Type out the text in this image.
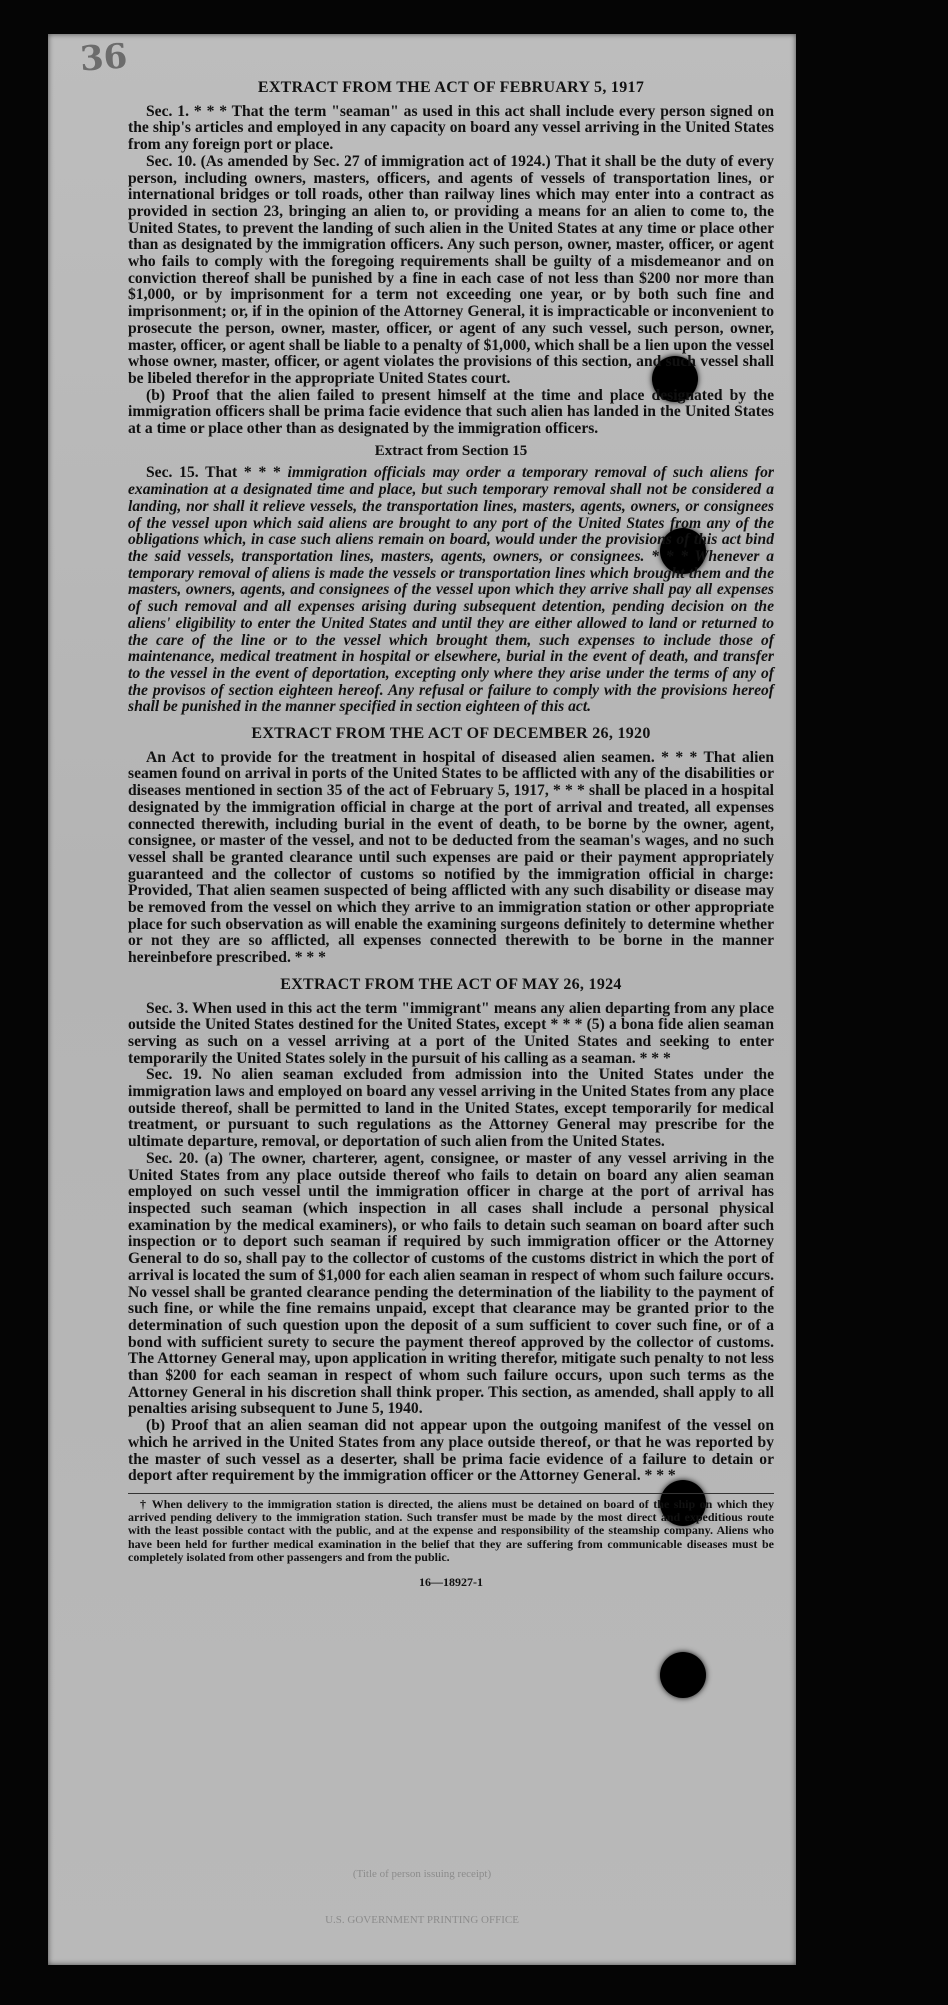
36
EXTRACT FROM THE ACT OF FEBRUARY 5, 1917

Sec. 1. * * * That the term "seaman" as used in this act shall include every person signed on the ship's articles and employed in any capacity on board any vessel arriving in the United States from any foreign port or place.

Sec. 10. (As amended by Sec. 27 of immigration act of 1924.) That it shall be the duty of every person, including owners, masters, officers, and agents of vessels of transportation lines, or international bridges or toll roads, other than railway lines which may enter into a contract as provided in section 23, bringing an alien to, or providing a means for an alien to come to, the United States, to prevent the landing of such alien in the United States at any time or place other than as designated by the immigration officers. Any such person, owner, master, officer, or agent who fails to comply with the foregoing requirements shall be guilty of a misdemeanor and on conviction thereof shall be punished by a fine in each case of not less than $200 nor more than $1,000, or by imprisonment for a term not exceeding one year, or by both such fine and imprisonment; or, if in the opinion of the Attorney General, it is impracticable or inconvenient to prosecute the person, owner, master, officer, or agent of any such vessel, such person, owner, master, officer, or agent shall be liable to a penalty of $1,000, which shall be a lien upon the vessel whose owner, master, officer, or agent violates the provisions of this section, and such vessel shall be libeled therefor in the appropriate United States court.

(b) Proof that the alien failed to present himself at the time and place designated by the immigration officers shall be prima facie evidence that such alien has landed in the United States at a time or place other than as designated by the immigration officers.

Extract from Section 15

Sec. 15. That * * * immigration officials may order a temporary removal of such aliens for examination at a designated time and place, but such temporary removal shall not be considered a landing, nor shall it relieve vessels, the transportation lines, masters, agents, owners, or consignees of the vessel upon which said aliens are brought to any port of the United States from any of the obligations which, in case such aliens remain on board, would under the provisions of this act bind the said vessels, transportation lines, masters, agents, owners, or consignees. * * * Whenever a temporary removal of aliens is made the vessels or transportation lines which brought them and the masters, owners, agents, and consignees of the vessel upon which they arrive shall pay all expenses of such removal and all expenses arising during subsequent detention, pending decision on the aliens' eligibility to enter the United States and until they are either allowed to land or returned to the care of the line or to the vessel which brought them, such expenses to include those of maintenance, medical treatment in hospital or elsewhere, burial in the event of death, and transfer to the vessel in the event of deportation, excepting only where they arise under the terms of any of the provisos of section eighteen hereof. Any refusal or failure to comply with the provisions hereof shall be punished in the manner specified in section eighteen of this act.

EXTRACT FROM THE ACT OF DECEMBER 26, 1920

An Act to provide for the treatment in hospital of diseased alien seamen. * * * That alien seamen found on arrival in ports of the United States to be afflicted with any of the disabilities or diseases mentioned in section 35 of the act of February 5, 1917, * * * shall be placed in a hospital designated by the immigration official in charge at the port of arrival and treated, all expenses connected therewith, including burial in the event of death, to be borne by the owner, agent, consignee, or master of the vessel, and not to be deducted from the seaman's wages, and no such vessel shall be granted clearance until such expenses are paid or their payment appropriately guaranteed and the collector of customs so notified by the immigration official in charge: Provided, That alien seamen suspected of being afflicted with any such disability or disease may be removed from the vessel on which they arrive to an immigration station or other appropriate place for such observation as will enable the examining surgeons definitely to determine whether or not they are so afflicted, all expenses connected therewith to be borne in the manner hereinbefore prescribed. * * *

EXTRACT FROM THE ACT OF MAY 26, 1924

Sec. 3. When used in this act the term "immigrant" means any alien departing from any place outside the United States destined for the United States, except * * * (5) a bona fide alien seaman serving as such on a vessel arriving at a port of the United States and seeking to enter temporarily the United States solely in the pursuit of his calling as a seaman. * * *

Sec. 19. No alien seaman excluded from admission into the United States under the immigration laws and employed on board any vessel arriving in the United States from any place outside thereof, shall be permitted to land in the United States, except temporarily for medical treatment, or pursuant to such regulations as the Attorney General may prescribe for the ultimate departure, removal, or deportation of such alien from the United States.

Sec. 20. (a) The owner, charterer, agent, consignee, or master of any vessel arriving in the United States from any place outside thereof who fails to detain on board any alien seaman employed on such vessel until the immigration officer in charge at the port of arrival has inspected such seaman (which inspection in all cases shall include a personal physical examination by the medical examiners), or who fails to detain such seaman on board after such inspection or to deport such seaman if required by such immigration officer or the Attorney General to do so, shall pay to the collector of customs of the customs district in which the port of arrival is located the sum of $1,000 for each alien seaman in respect of whom such failure occurs. No vessel shall be granted clearance pending the determination of the liability to the payment of such fine, or while the fine remains unpaid, except that clearance may be granted prior to the determination of such question upon the deposit of a sum sufficient to cover such fine, or of a bond with sufficient surety to secure the payment thereof approved by the collector of customs. The Attorney General may, upon application in writing therefor, mitigate such penalty to not less than $200 for each seaman in respect of whom such failure occurs, upon such terms as the Attorney General in his discretion shall think proper. This section, as amended, shall apply to all penalties arising subsequent to June 5, 1940.

(b) Proof that an alien seaman did not appear upon the outgoing manifest of the vessel on which he arrived in the United States from any place outside thereof, or that he was reported by the master of such vessel as a deserter, shall be prima facie evidence of a failure to detain or deport after requirement by the immigration officer or the Attorney General. * * *

† When delivery to the immigration station is directed, the aliens must be detained on board of the ship on which they arrived pending delivery to the immigration station. Such transfer must be made by the most direct and expeditious route with the least possible contact with the public, and at the expense and responsibility of the steamship company. Aliens who have been held for further medical examination in the belief that they are suffering from communicable diseases must be completely isolated from other passengers and from the public.

16—18927-1
(Title of person issuing receipt)
U.S. GOVERNMENT PRINTING OFFICE
